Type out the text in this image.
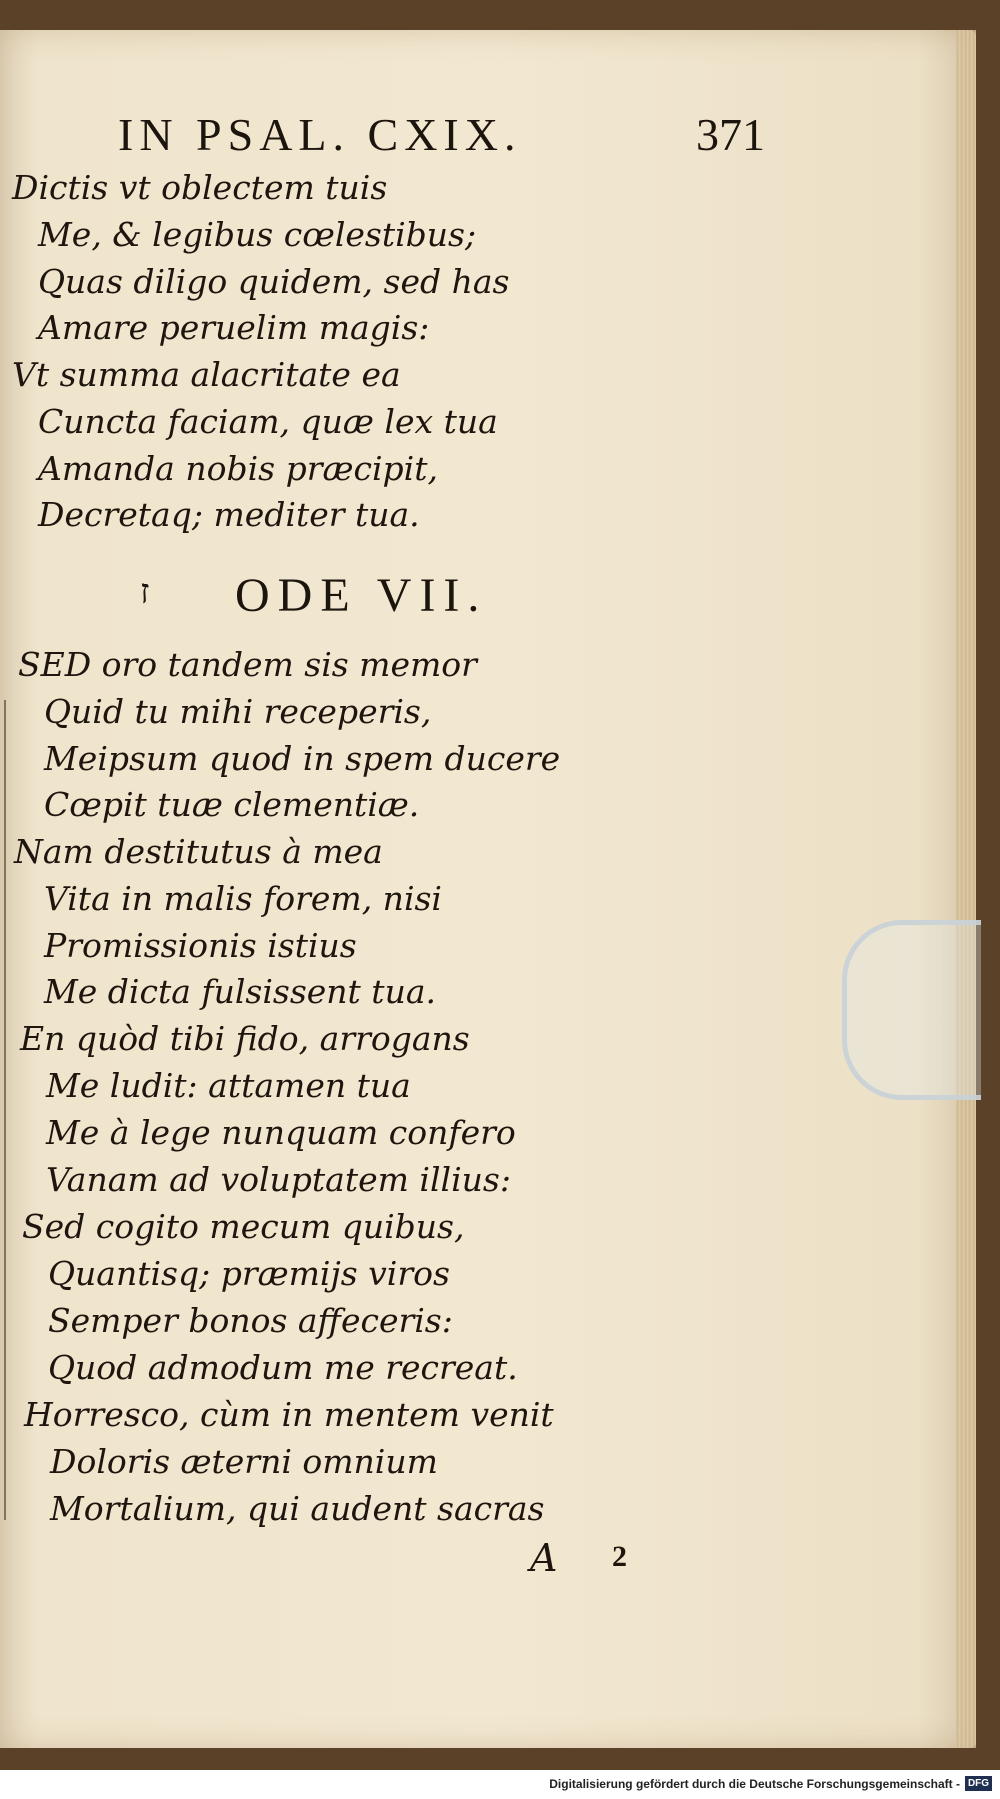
IN PSAL. CXIX.	371
Dictis vt oblectem tuis
Me, & legibus cœlestibus;
Quas diligo quidem, sed has
Amare peruelim magis:
Vt summa alacritate ea
Cuncta faciam, quæ lex tua
Amanda nobis præcipit,
Decretaq; mediter tua.
ז ODE VII.
SED oro tandem sis memor
Quid tu mihi receperis,
Meipsum quod in spem ducere
Cœpit tuæ clementiæ.
Nam destitutus à mea
Vita in malis forem, nisi
Promissionis istius
Me dicta fulsissent tua.
En quòd tibi fido, arrogans
Me ludit: attamen tua
Me à lege nunquam confero
Vanam ad voluptatem illius:
Sed cogito mecum quibus,
Quantisq; præmijs viros
Semper bonos affeceris:
Quod admodum me recreat.
Horresco, cùm in mentem venit
Doloris æterni omnium
Mortalium, qui audent sacras
A 2
Digitalisierung gefördert durch die Deutsche Forschungsgemeinschaft - DFG
